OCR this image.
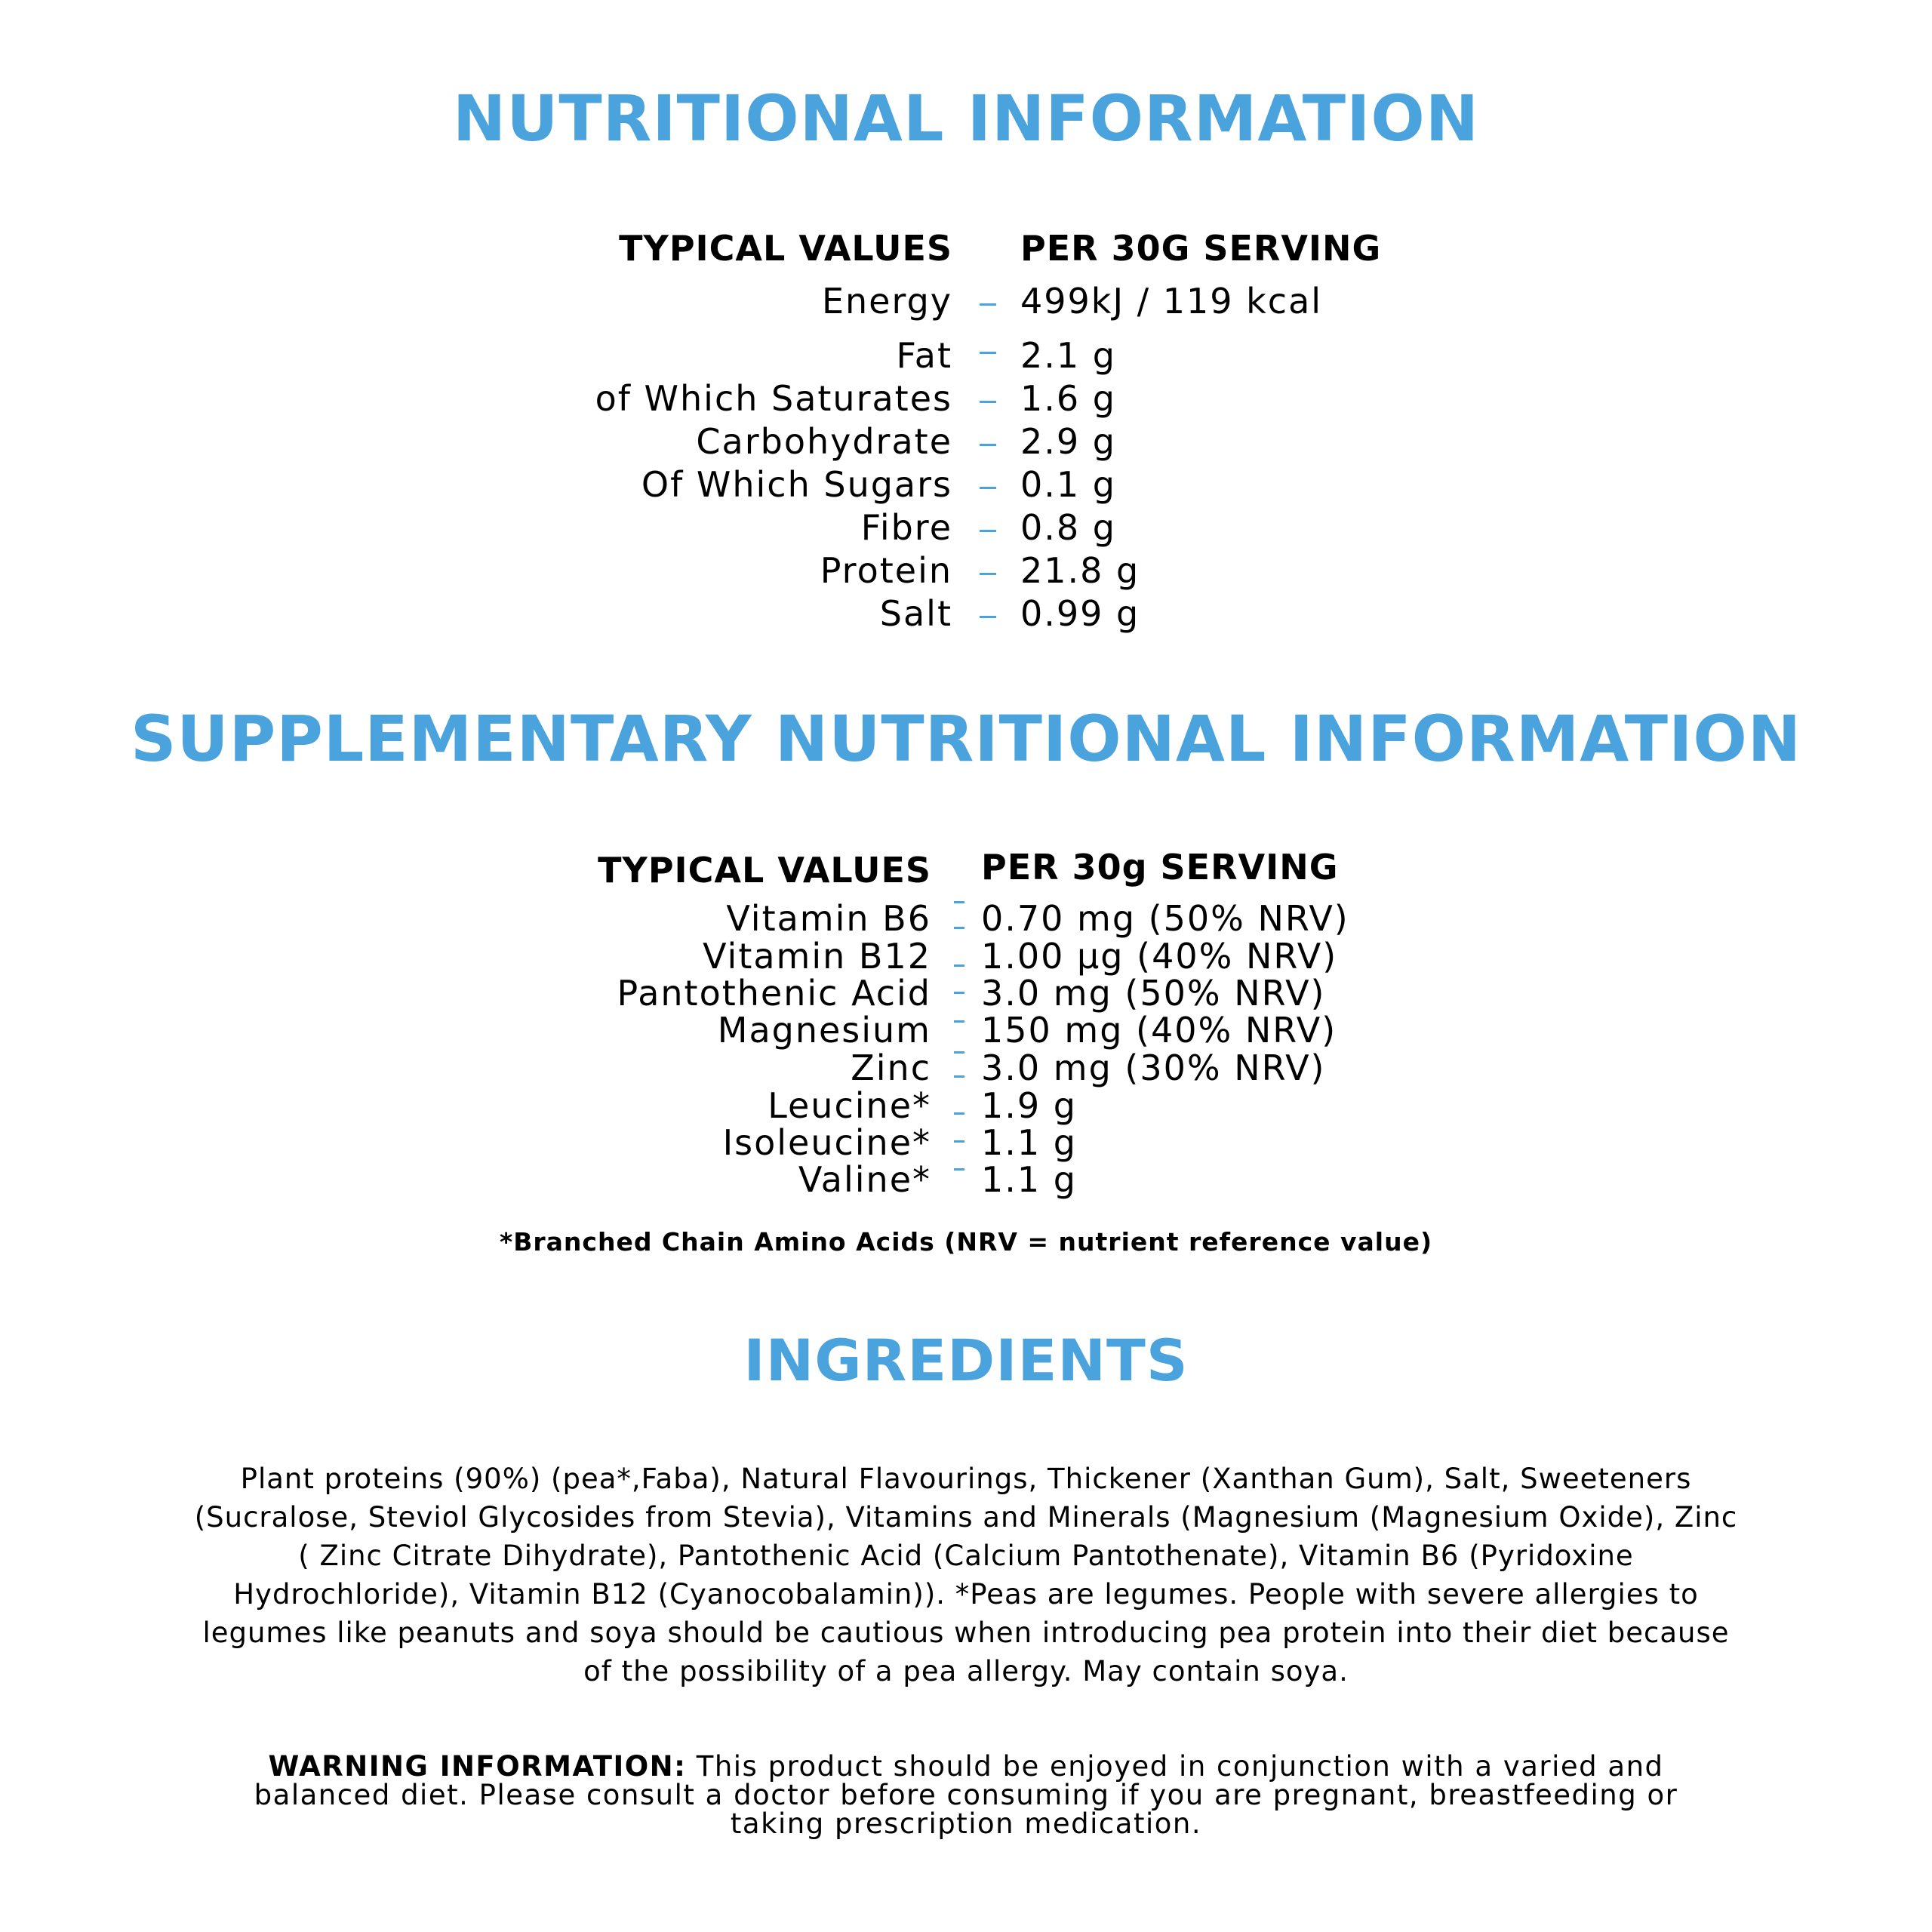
NUTRITIONAL INFORMATION
TYPICAL VALUES PER 30G SERVING
Energy 499kJ / 119 kcal
Fat 2.1 g
of Which Saturates 1.6 g
Carbohydrate 2.9 g
Of Which Sugars 0.1 g
Fibre 0.8 g
Protein 21.8 g
Salt 0.99 g
SUPPLEMENTARY NUTRITIONAL INFORMATION
TYPICAL VALUES PER 30g SERVING
Vitamin B6 0.70 mg (50% NRV)
Vitamin B12 1.00 µg (40% NRV)
Pantothenic Acid 3.0 mg (50% NRV)
Magnesium 150 mg (40% NRV)
Zinc 3.0 mg (30% NRV)
Leucine* 1.9 g
Isoleucine* 1.1 g
Valine* 1.1 g
*Branched Chain Amino Acids (NRV = nutrient reference value)
INGREDIENTS
Plant proteins (90%) (pea*,Faba), Natural Flavourings, Thickener (Xanthan Gum), Salt, Sweeteners (Sucralose, Steviol Glycosides from Stevia), Vitamins and Minerals (Magnesium (Magnesium Oxide), Zinc ( Zinc Citrate Dihydrate), Pantothenic Acid (Calcium Pantothenate), Vitamin B6 (Pyridoxine Hydrochloride), Vitamin B12 (Cyanocobalamin)). *Peas are legumes. People with severe allergies to legumes like peanuts and soya should be cautious when introducing pea protein into their diet because of the possibility of a pea allergy. May contain soya.
WARNING INFORMATION: This product should be enjoyed in conjunction with a varied and balanced diet. Please consult a doctor before consuming if you are pregnant, breastfeeding or taking prescription medication.
